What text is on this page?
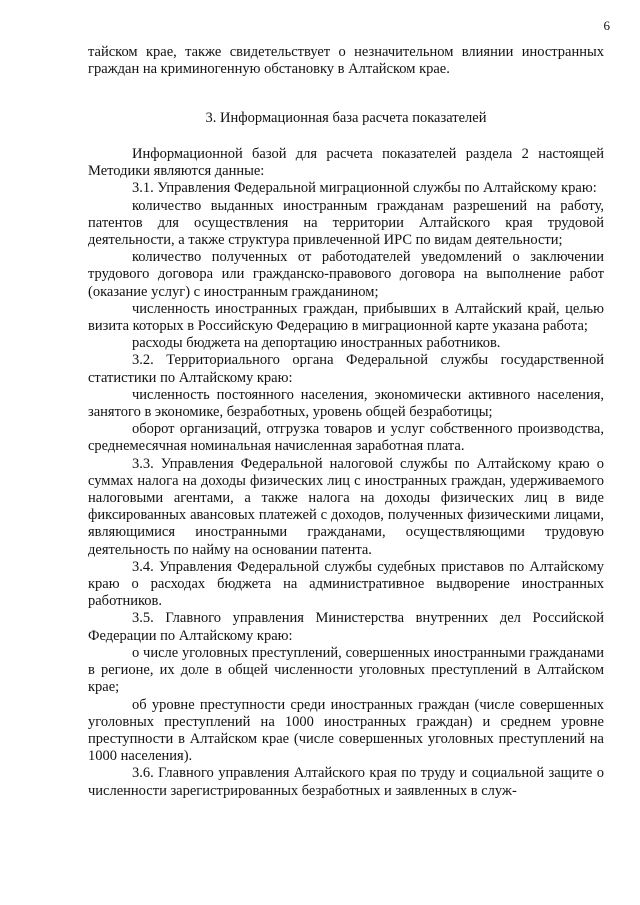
6

тайском крае, также свидетельствует о незначительном влиянии иностранных граждан на криминогенную обстановку в Алтайском крае.

3. Информационная база расчета показателей

Информационной базой для расчета показателей раздела 2 настоящей Методики являются данные:

3.1. Управления Федеральной миграционной службы по Алтайскому краю:

количество выданных иностранным гражданам разрешений на работу, патентов для осуществления на территории Алтайского края трудовой деятельности, а также структура привлеченной ИРС по видам деятельности;

количество полученных от работодателей уведомлений о заключении трудового договора или гражданско-правового договора на выполнение работ (оказание услуг) с иностранным гражданином;

численность иностранных граждан, прибывших в Алтайский край, целью визита которых в Российскую Федерацию в миграционной карте указана работа;

расходы бюджета на депортацию иностранных работников.

3.2. Территориального органа Федеральной службы государственной статистики по Алтайскому краю:

численность постоянного населения, экономически активного населения, занятого в экономике, безработных, уровень общей безработицы;

оборот организаций, отгрузка товаров и услуг собственного производства, среднемесячная номинальная начисленная заработная плата.

3.3. Управления Федеральной налоговой службы по Алтайскому краю о суммах налога на доходы физических лиц с иностранных граждан, удерживаемого налоговыми агентами, а также налога на доходы физических лиц в виде фиксированных авансовых платежей с доходов, полученных физическими лицами, являющимися иностранными гражданами, осуществляющими трудовую деятельность по найму на основании патента.

3.4. Управления Федеральной службы судебных приставов по Алтайскому краю о расходах бюджета на административное выдворение иностранных работников.

3.5. Главного управления Министерства внутренних дел Российской Федерации по Алтайскому краю:

о числе уголовных преступлений, совершенных иностранными гражданами в регионе, их доле в общей численности уголовных преступлений в Алтайском крае;

об уровне преступности среди иностранных граждан (числе совершенных уголовных преступлений на 1000 иностранных граждан) и среднем уровне преступности в Алтайском крае (числе совершенных уголовных преступлений на 1000 населения).

3.6. Главного управления Алтайского края по труду и социальной защите о численности зарегистрированных безработных и заявленных в служ-
